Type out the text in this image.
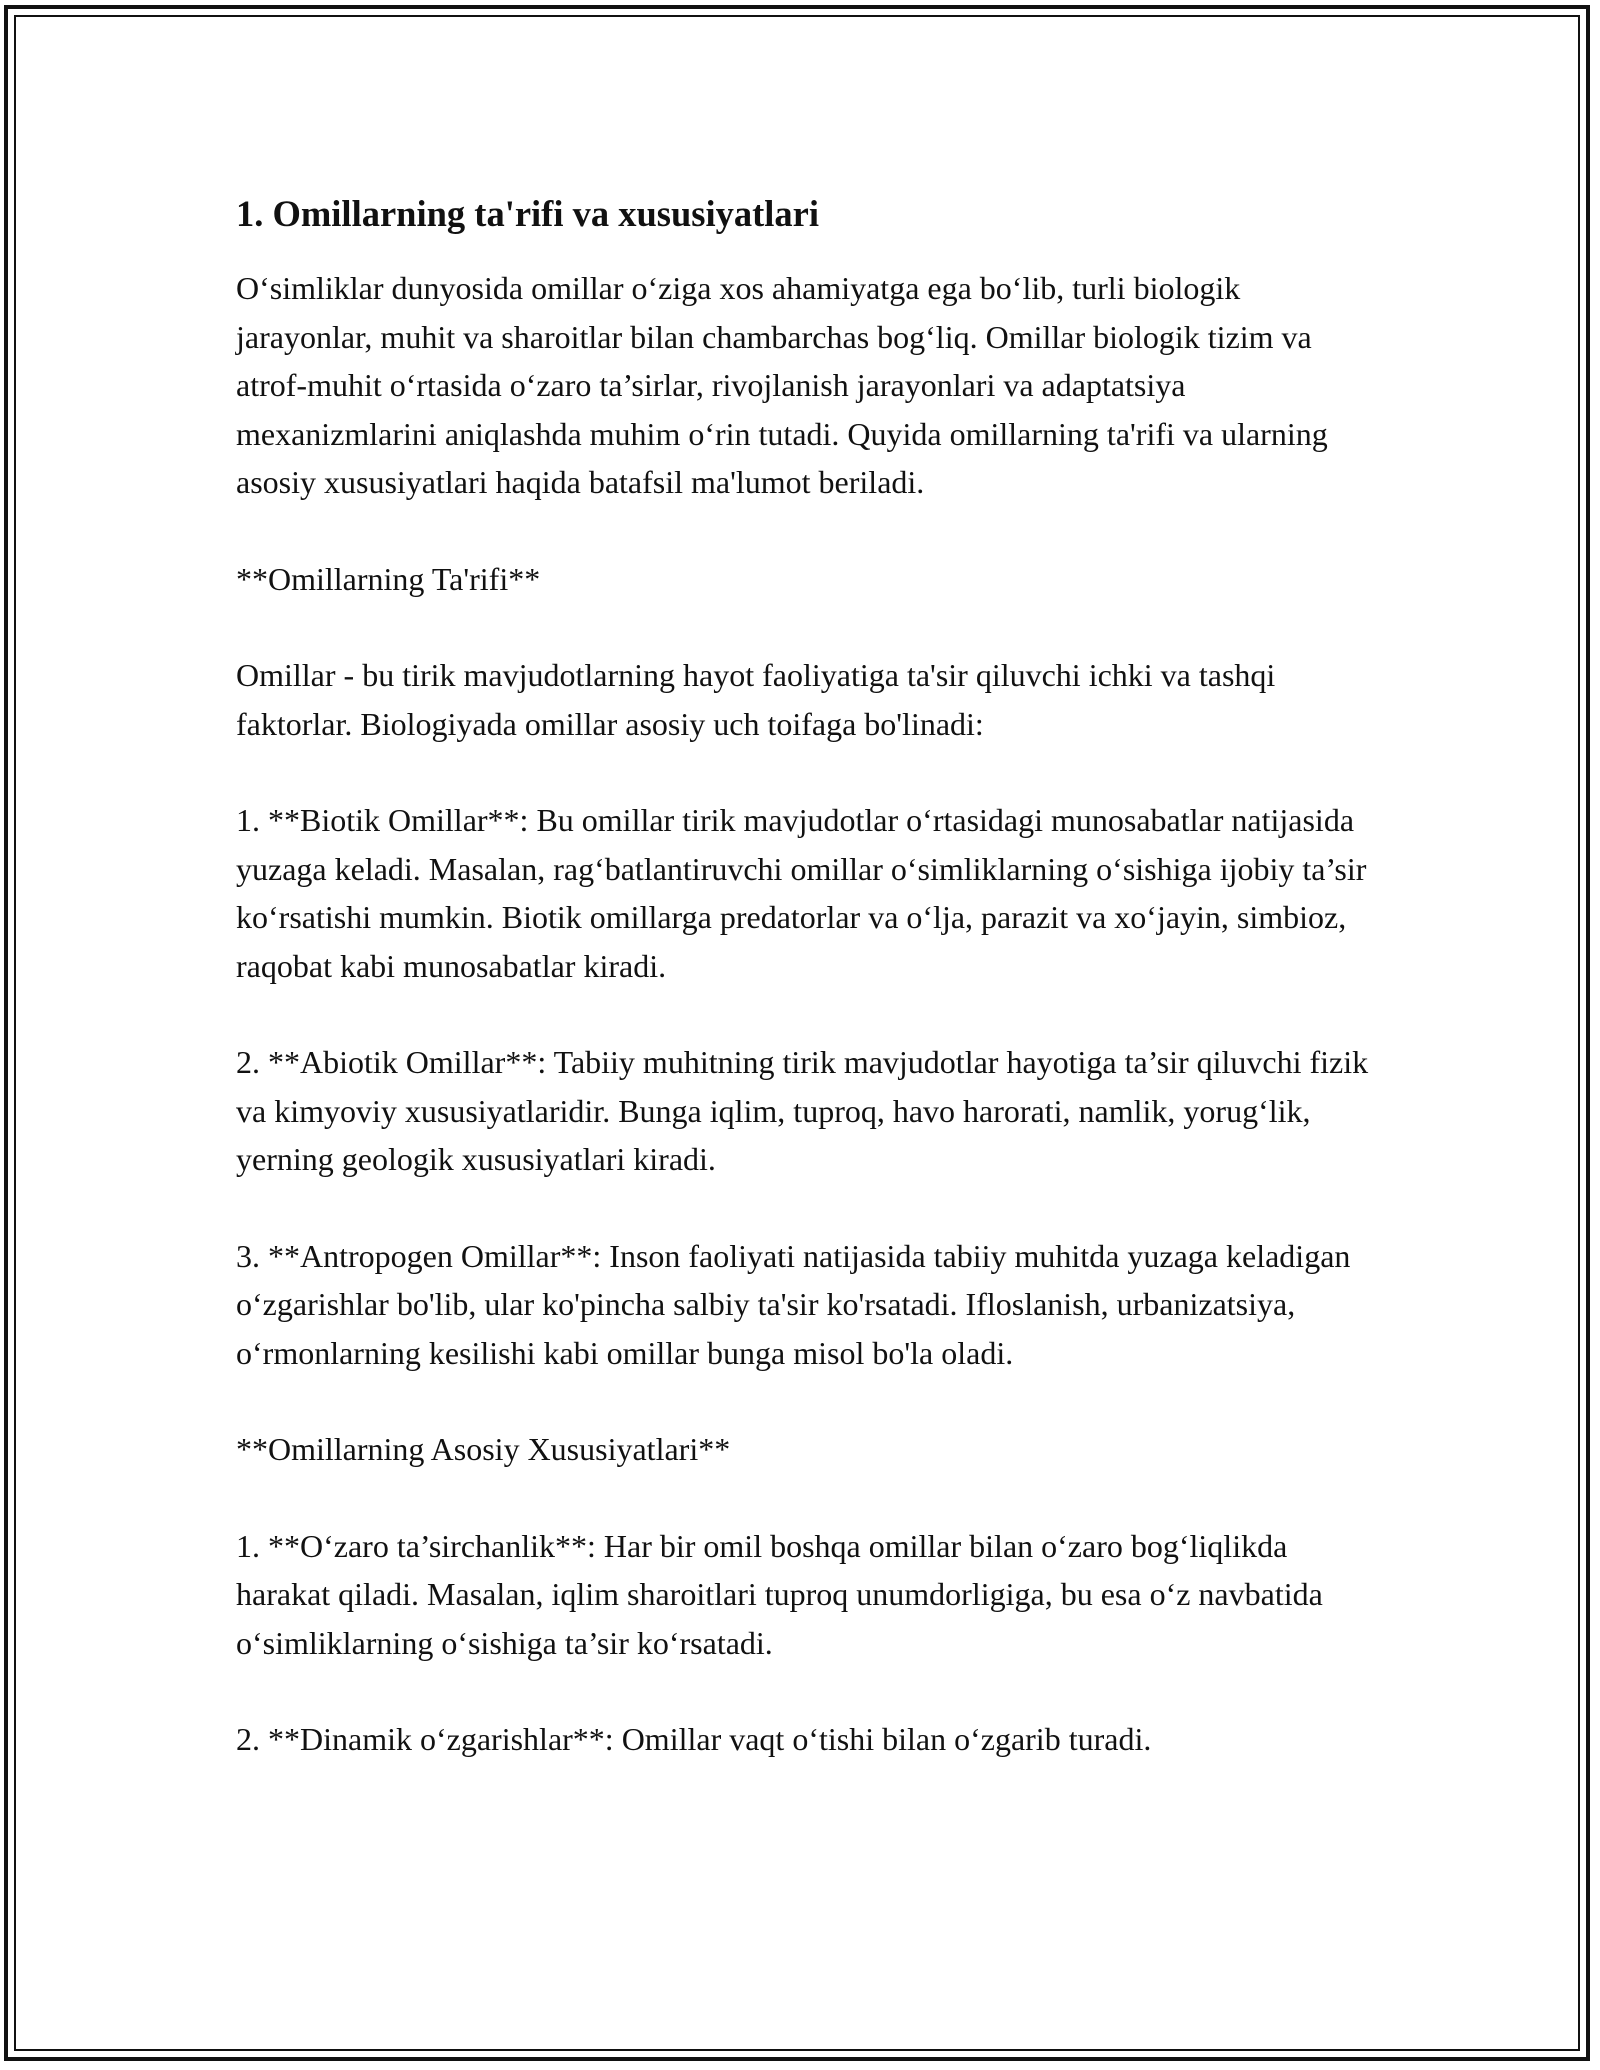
1. Omillarning ta'rifi va xususiyatlari

O‘simliklar dunyosida omillar o‘ziga xos ahamiyatga ega bo‘lib, turli biologik jarayonlar, muhit va sharoitlar bilan chambarchas bog‘liq. Omillar biologik tizim va atrof-muhit o‘rtasida o‘zaro ta’sirlar, rivojlanish jarayonlari va adaptatsiya mexanizmlarini aniqlashda muhim o‘rin tutadi. Quyida omillarning ta'rifi va ularning asosiy xususiyatlari haqida batafsil ma'lumot beriladi.

**Omillarning Ta'rifi**

Omillar - bu tirik mavjudotlarning hayot faoliyatiga ta'sir qiluvchi ichki va tashqi faktorlar. Biologiyada omillar asosiy uch toifaga bo'linadi:

1. **Biotik Omillar**: Bu omillar tirik mavjudotlar o‘rtasidagi munosabatlar natijasida yuzaga keladi. Masalan, rag‘batlantiruvchi omillar o‘simliklarning o‘sishiga ijobiy ta’sir ko‘rsatishi mumkin. Biotik omillarga predatorlar va o‘lja, parazit va xo‘jayin, simbioz, raqobat kabi munosabatlar kiradi.

2. **Abiotik Omillar**: Tabiiy muhitning tirik mavjudotlar hayotiga ta’sir qiluvchi fizik va kimyoviy xususiyatlaridir. Bunga iqlim, tuproq, havo harorati, namlik, yorug‘lik, yerning geologik xususiyatlari kiradi.

3. **Antropogen Omillar**: Inson faoliyati natijasida tabiiy muhitda yuzaga keladigan o‘zgarishlar bo'lib, ular ko'pincha salbiy ta'sir ko'rsatadi. Ifloslanish, urbanizatsiya, o‘rmonlarning kesilishi kabi omillar bunga misol bo'la oladi.

**Omillarning Asosiy Xususiyatlari**

1. **O‘zaro ta’sirchanlik**: Har bir omil boshqa omillar bilan o‘zaro bog‘liqlikda harakat qiladi. Masalan, iqlim sharoitlari tuproq unumdorligiga, bu esa o‘z navbatida o‘simliklarning o‘sishiga ta’sir ko‘rsatadi.

2. **Dinamik o‘zgarishlar**: Omillar vaqt o‘tishi bilan o‘zgarib turadi.
